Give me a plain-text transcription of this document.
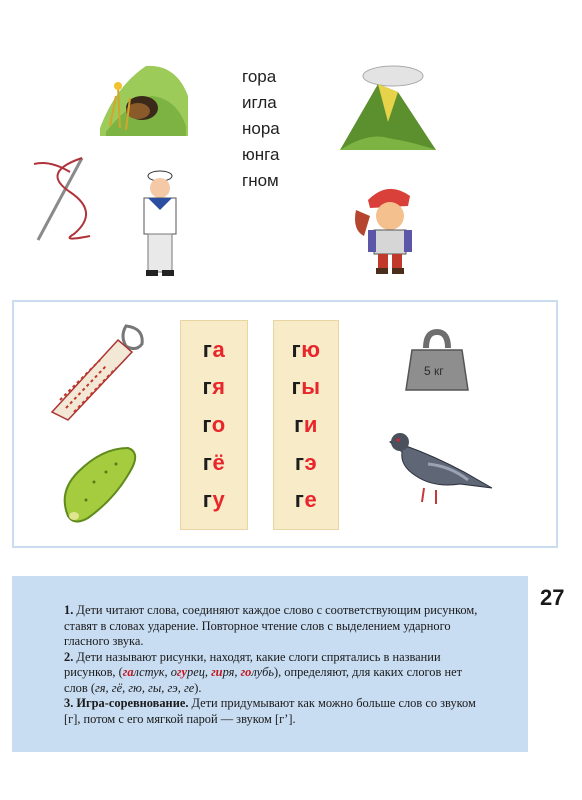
гора
игла
нора
юнга
гном
га
гя
го
гё
гу
гю
гы
ги
гэ
ге
5 кг
27

1. Дети читают слова, соединяют каждое слово с соответствующим рисунком, ставят в словах ударение. Повторное чтение слов с выделением ударного гласного звука.

2. Дети называют рисунки, находят, какие слоги спрятались в названии рисунков, (галстук, огурец, гиря, голубь), определяют, для каких слогов нет слов (гя, гё, гю, гы, гэ, ге).

3. Игра-соревнование. Дети придумывают как можно больше слов со звуком [г], потом с его мягкой парой — звуком [г’].
